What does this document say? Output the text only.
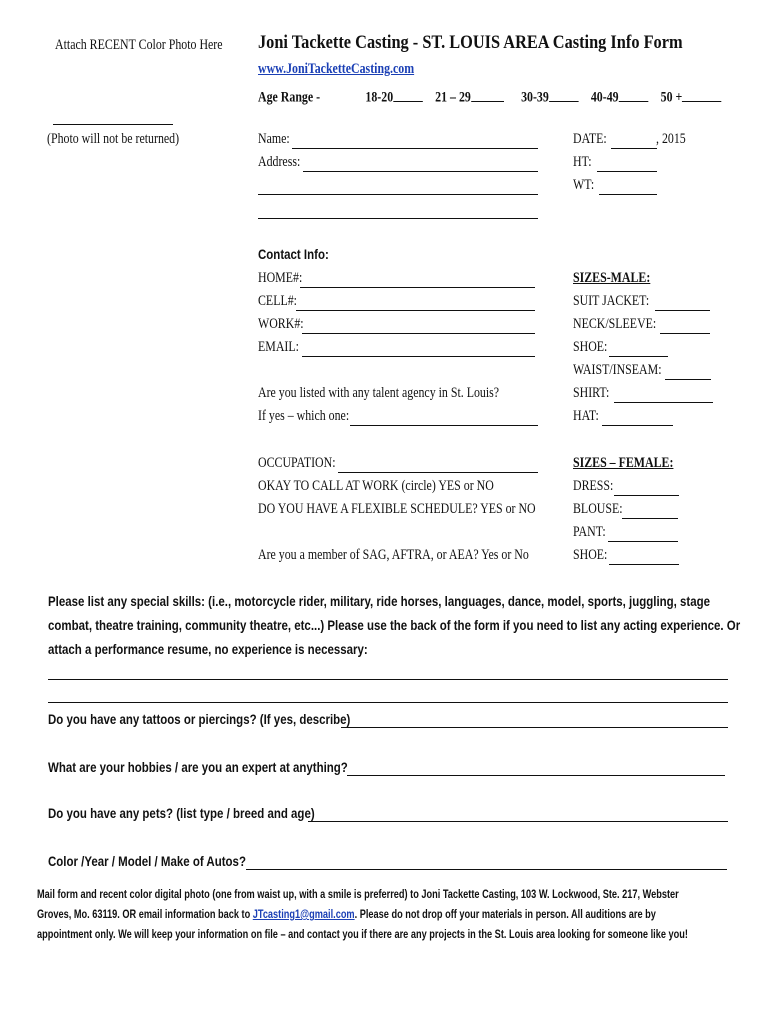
Attach RECENT Color Photo Here
(Photo will not be returned)
Joni Tackette Casting - ST. LOUIS AREA Casting Info Form
www.JoniTacketteCasting.com
Age Range -	18-20	21 – 29	30-39	40-49	50 +
Name:
Address:
DATE:	, 2015
HT:
WT:
Contact Info:
HOME#:
CELL#:
WORK#:
EMAIL:
Are you listed with any talent agency in St. Louis?
If yes – which one:
OCCUPATION:
OKAY TO CALL AT WORK (circle) YES or NO
DO YOU HAVE A FLEXIBLE SCHEDULE? YES or NO
Are you a member of SAG, AFTRA, or AEA? Yes or No
SIZES-MALE:
SUIT JACKET:
NECK/SLEEVE:
SHOE:
WAIST/INSEAM:
SHIRT:
HAT:
SIZES – FEMALE:
DRESS:
BLOUSE:
PANT:
SHOE:
Please list any special skills: (i.e., motorcycle rider, military, ride horses, languages, dance, model, sports, juggling, stage
combat, theatre training, community theatre, etc...) Please use the back of the form if you need to list any acting experience. Or
attach a performance resume, no experience is necessary:
Do you have any tattoos or piercings? (If yes, describe)
What are your hobbies / are you an expert at anything?
Do you have any pets? (list type / breed and age)
Color /Year / Model / Make of Autos?
Mail form and recent color digital photo (one from waist up, with a smile is preferred) to Joni Tackette Casting, 103 W. Lockwood, Ste. 217, Webster
Groves, Mo. 63119. OR email information back to JTcasting1@gmail.com. Please do not drop off your materials in person. All auditions are by
appointment only. We will keep your information on file – and contact you if there are any projects in the St. Louis area looking for someone like you!
